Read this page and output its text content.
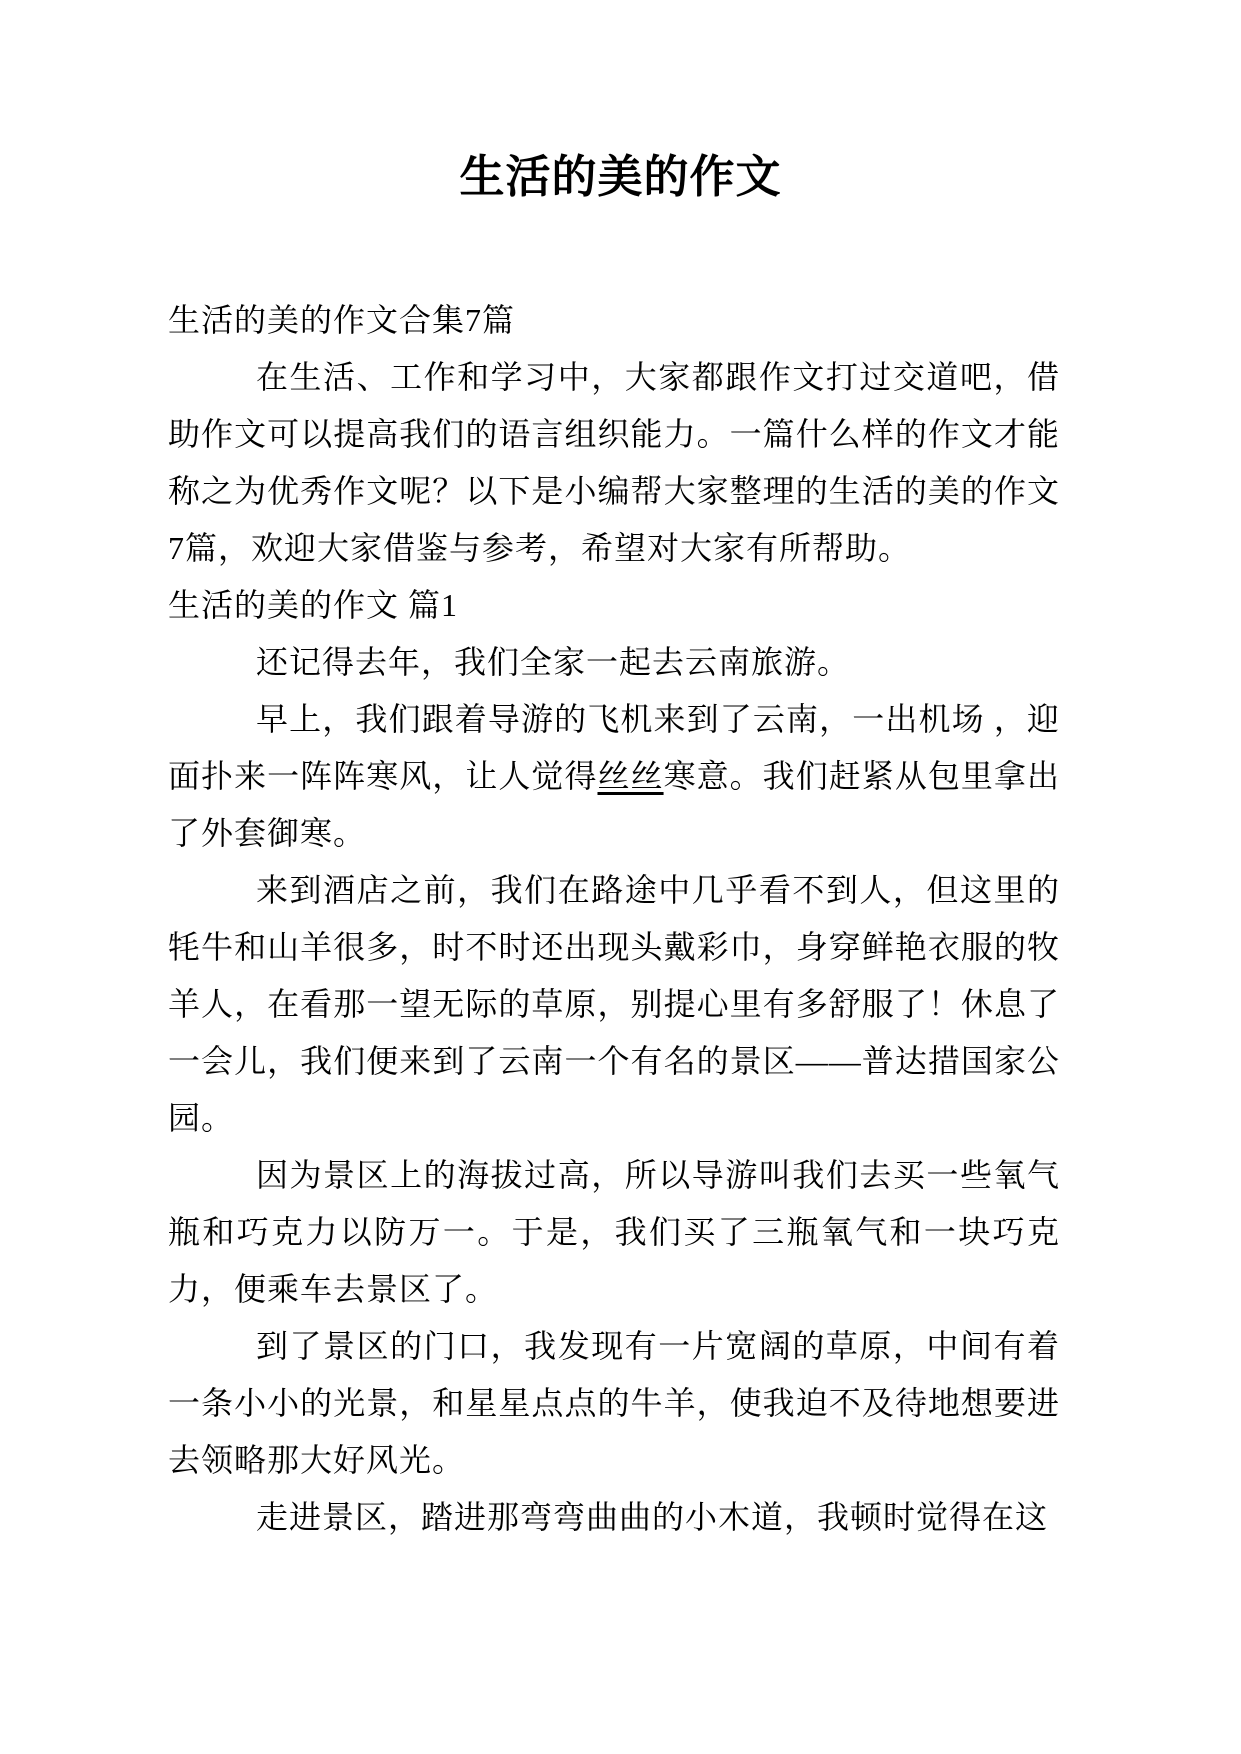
生活的美的作文

生活的美的作文合集7篇

在生活、工作和学习中，大家都跟作文打过交道吧，借助作文可以提高我们的语言组织能力。一篇什么样的作文才能称之为优秀作文呢？以下是小编帮大家整理的生活的美的作文7篇，欢迎大家借鉴与参考，希望对大家有所帮助。

生活的美的作文 篇1

还记得去年，我们全家一起去云南旅游。

早上，我们跟着导游的飞机来到了云南，一出机场 ，迎面扑来一阵阵寒风，让人觉得丝丝寒意。我们赶紧从包里拿出了外套御寒。

来到酒店之前，我们在路途中几乎看不到人，但这里的牦牛和山羊很多，时不时还出现头戴彩巾，身穿鲜艳衣服的牧羊人，在看那一望无际的草原，别提心里有多舒服了！休息了一会儿，我们便来到了云南一个有名的景区——普达措国家公园。

因为景区上的海拔过高，所以导游叫我们去买一些氧气瓶和巧克力以防万一。于是，我们买了三瓶氧气和一块巧克力，便乘车去景区了。

到了景区的门口，我发现有一片宽阔的草原，中间有着一条小小的光景，和星星点点的牛羊，使我迫不及待地想要进去领略那大好风光。

走进景区，踏进那弯弯曲曲的小木道，我顿时觉得在这
